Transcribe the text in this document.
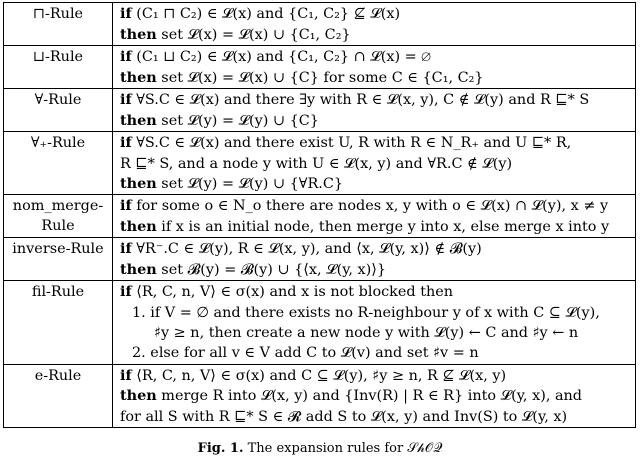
⊓-Rule	if (C₁ ⊓ C₂) ∈ 𝓛(x) and {C₁, C₂} ⊈ 𝓛(x)
then set 𝓛(x) = 𝓛(x) ∪ {C₁, C₂}
⊔-Rule	if (C₁ ⊔ C₂) ∈ 𝓛(x) and {C₁, C₂} ∩ 𝓛(x) = ∅
then set 𝓛(x) = 𝓛(x) ∪ {C} for some C ∈ {C₁, C₂}
∀-Rule	if ∀S.C ∈ 𝓛(x) and there ∃y with R ∈ 𝓛(x, y), C ∉ 𝓛(y) and R ⊑* S
then set 𝓛(y) = 𝓛(y) ∪ {C}
∀₊-Rule	if ∀S.C ∈ 𝓛(x) and there exist U, R with R ∈ N_R₊ and U ⊑* R,
R ⊑* S, and a node y with U ∈ 𝓛(x, y) and ∀R.C ∉ 𝓛(y)
then set 𝓛(y) = 𝓛(y) ∪ {∀R.C}
nom_merge-Rule
if for some o ∈ N_o there are nodes x, y with o ∈ 𝓛(x) ∩ 𝓛(y), x ≠ y
then if x is an initial node, then merge y into x, else merge x into y
inverse-Rule	if ∀R⁻.C ∈ 𝓛(y), R ∈ 𝓛(x, y), and ⟨x, 𝓛(y, x)⟩ ∉ 𝓑(y)
then set 𝓑(y) = 𝓑(y) ∪ {⟨x, 𝓛(y, x)⟩}
fil-Rule	if ⟨R, C, n, V⟩ ∈ σ(x) and x is not blocked then
1. if V = ∅ and there exists no R-neighbour y of x with C ⊆ 𝓛(y),
♯y ≥ n, then create a new node y with 𝓛(y) ← C and ♯y ← n
2. else for all v ∈ V add C to 𝓛(v) and set ♯v = n
e-Rule	if ⟨R, C, n, V⟩ ∈ σ(x) and C ⊆ 𝓛(y), ♯y ≥ n, R ⊈ 𝓛(x, y)
then merge R into 𝓛(x, y) and {Inv(R) | R ∈ R} into 𝓛(y, x), and
for all S with R ⊑* S ∈ 𝓡 add S to 𝓛(x, y) and Inv(S) to 𝓛(y, x)
Fig. 1. The expansion rules for 𝒮𝒽𝒪𝒬
